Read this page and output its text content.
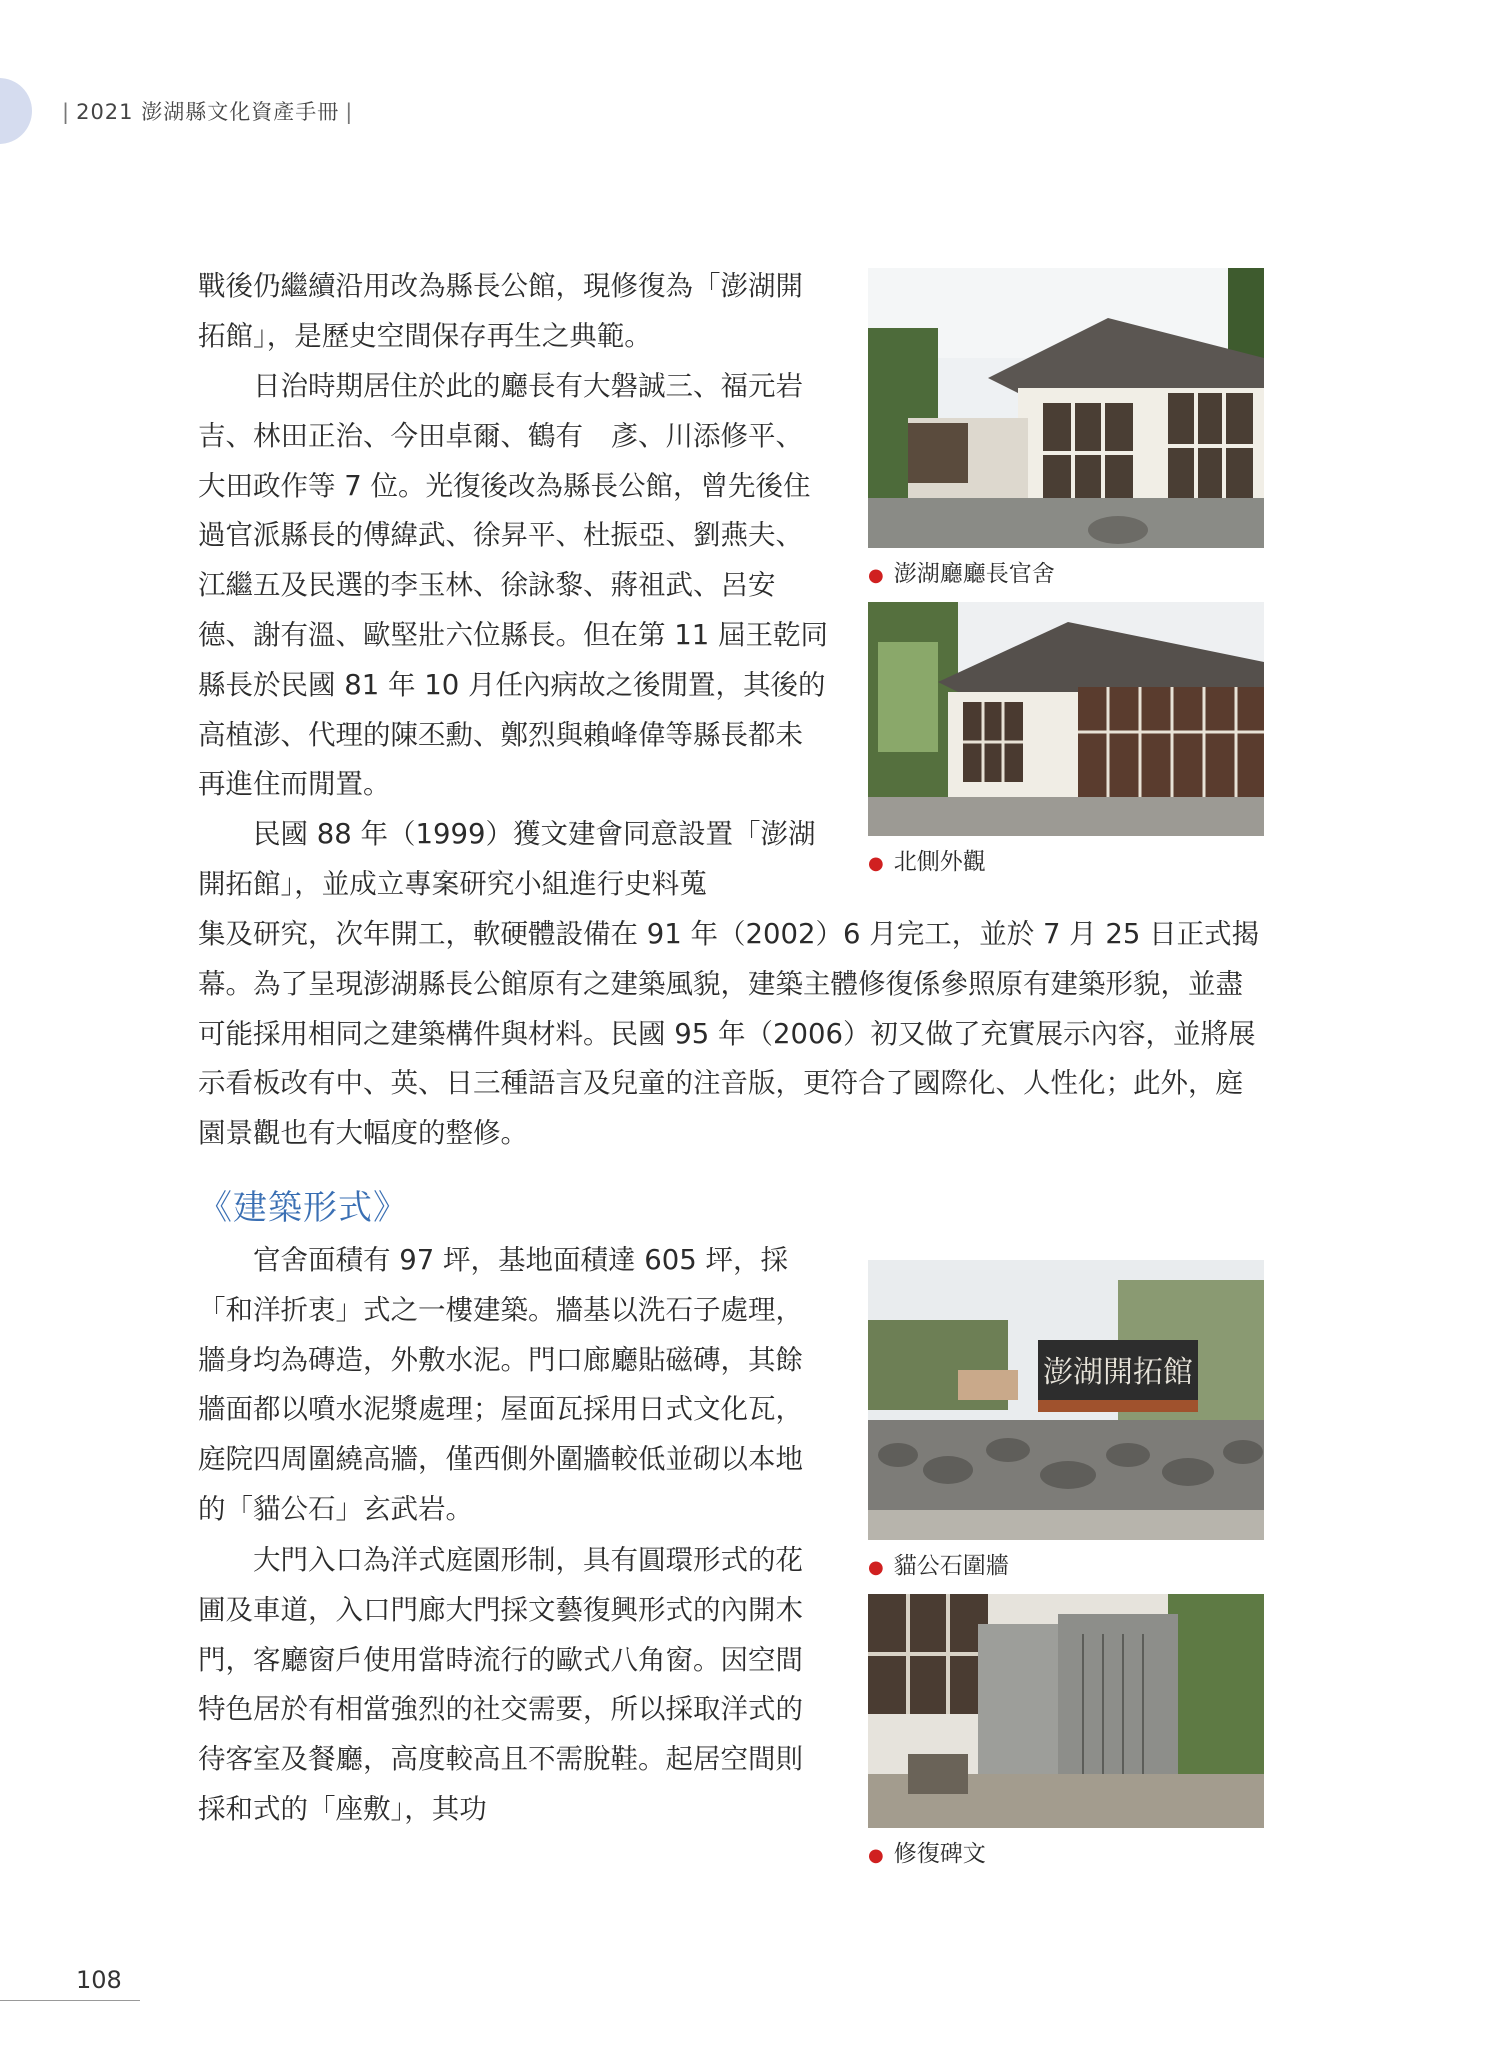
| 2021 澎湖縣文化資產手冊 |

戰後仍繼續沿用改為縣長公館，現修復為「澎湖開拓館」，是歷史空間保存再生之典範。

日治時期居住於此的廳長有大磐誠三、福元岩吉、林田正治、今田卓爾、鶴有　彥、川添修平、大田政作等 7 位。光復後改為縣長公館，曾先後住過官派縣長的傅緯武、徐昇平、杜振亞、劉燕夫、江繼五及民選的李玉林、徐詠黎、蔣祖武、呂安德、謝有溫、歐堅壯六位縣長。但在第 11 屆王乾同縣長於民國 81 年 10 月任內病故之後閒置，其後的高植澎、代理的陳丕勳、鄭烈與賴峰偉等縣長都未再進住而閒置。

民國 88 年（1999）獲文建會同意設置「澎湖開拓館」，並成立專案研究小組進行史料蒐

集及研究，次年開工，軟硬體設備在 91 年（2002）6 月完工，並於 7 月 25 日正式揭幕。為了呈現澎湖縣長公館原有之建築風貌，建築主體修復係參照原有建築形貌，並盡可能採用相同之建築構件與材料。民國 95 年（2006）初又做了充實展示內容，並將展示看板改有中、英、日三種語言及兒童的注音版，更符合了國際化、人性化；此外，庭園景觀也有大幅度的整修。

《建築形式》

官舍面積有 97 坪，基地面積達 605 坪，採「和洋折衷」式之一樓建築。牆基以洗石子處理，牆身均為磚造，外敷水泥。門口廊廳貼磁磚，其餘牆面都以噴水泥漿處理；屋面瓦採用日式文化瓦，庭院四周圍繞高牆，僅西側外圍牆較低並砌以本地的「貓公石」玄武岩。

大門入口為洋式庭園形制，具有圓環形式的花圃及車道，入口門廊大門採文藝復興形式的內開木門，客廳窗戶使用當時流行的歐式八角窗。因空間特色居於有相當強烈的社交需要，所以採取洋式的待客室及餐廳，高度較高且不需脫鞋。起居空間則採和式的「座敷」，其功

● 澎湖廳廳長官舍
● 北側外觀
澎湖開拓館
● 貓公石圍牆
● 修復碑文
108
